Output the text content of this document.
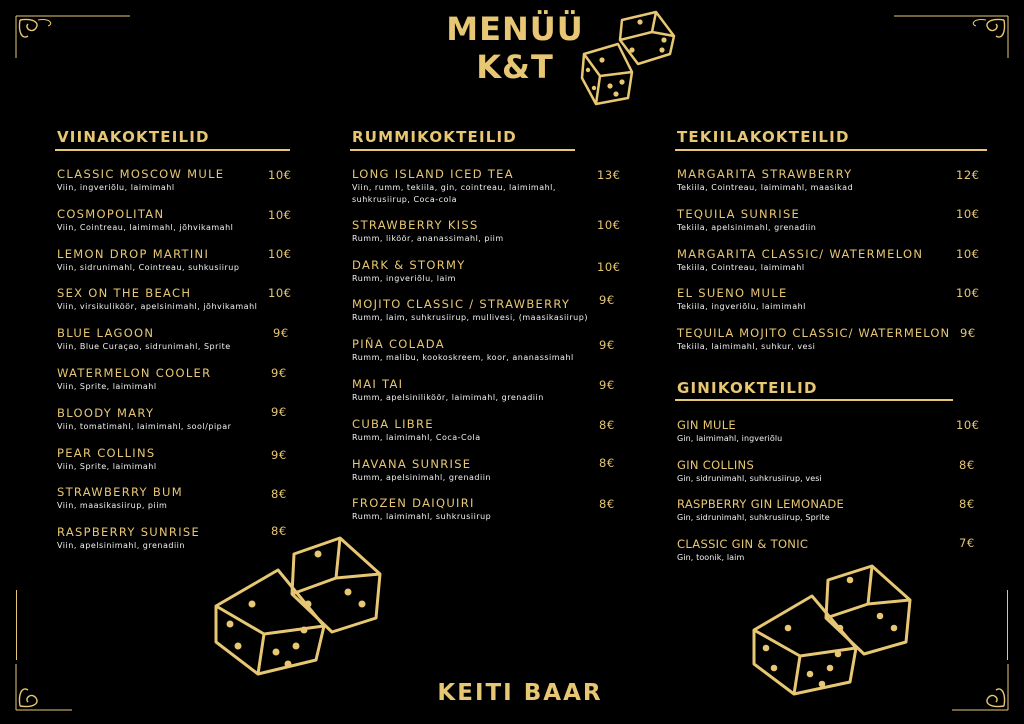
MENÜÜ
K&T
VIINAKOKTEILID	RUMMIKOKTEILID	TEKIILAKOKTEILID
GINIKOKTEILID
CLASSIC MOSCOW MULE
Viin, ingveriõlu, laimimahl
10€
COSMOPOLITAN
Viin, Cointreau, laimimahl, jõhvikamahl
10€
LEMON DROP MARTINI
Viin, sidrunimahl, Cointreau, suhkusiirup
10€
SEX ON THE BEACH
Viin, virsikuliköör, apelsinimahl, jõhvikamahl
10€
BLUE LAGOON
Viin, Blue Curaçao, sidrunimahl, Sprite
9€
WATERMELON COOLER
Viin, Sprite, laimimahl
9€
BLOODY MARY
Viin, tomatimahl, laimimahl, sool/pipar
9€
PEAR COLLINS
Viin, Sprite, laimimahl
9€
STRAWBERRY BUM
Viin, maasikasiirup, piim
8€
RASPBERRY SUNRISE
Viin, apelsinimahl, grenadiin
8€
LONG ISLAND ICED TEA
Viin, rumm, tekiila, gin, cointreau, laimimahl, suhkrusiirup, Coca-cola
13€
STRAWBERRY KISS
Rumm, liköör, ananassimahl, piim
10€
DARK & STORMY
Rumm, ingveriõlu, laim
10€
MOJITO CLASSIC / STRAWBERRY
Rumm, laim, suhkrusiirup, mullivesi, (maasikasiirup)
9€
PIÑA COLADA
Rumm, malibu, kookoskreem, koor, ananassimahl
9€
MAI TAI
Rumm, apelsiniliköör, laimimahl, grenadiin
9€
CUBA LIBRE
Rumm, laimimahl, Coca-Cola
8€
HAVANA SUNRISE
Rumm, apelsinimahl, grenadiin
8€
FROZEN DAIQUIRI
Rumm, laimimahl, suhkrusiirup
8€
MARGARITA STRAWBERRY
Tekiila, Cointreau, laimimahl, maasikad
12€
TEQUILA SUNRISE
Tekiila, apelsinimahl, grenadiin
10€
MARGARITA CLASSIC/ WATERMELON
Tekiila, Cointreau, laimimahl
10€
EL SUENO MULE
Tekiila, ingveriõlu, laimimahl
10€
TEQUILA MOJITO CLASSIC/ WATERMELON
Tekiila, laimimahl, suhkur, vesi
9€
GIN MULE
Gin, laimimahl, ingveriõlu
10€
GIN COLLINS
Gin, sidrunimahl, suhkrusiirup, vesi
8€
RASPBERRY GIN LEMONADE
Gin, sidrunimahl, suhkrusiirup, Sprite
8€
CLASSIC GIN & TONIC
Gin, toonik, laim
7€
KEITI BAAR
